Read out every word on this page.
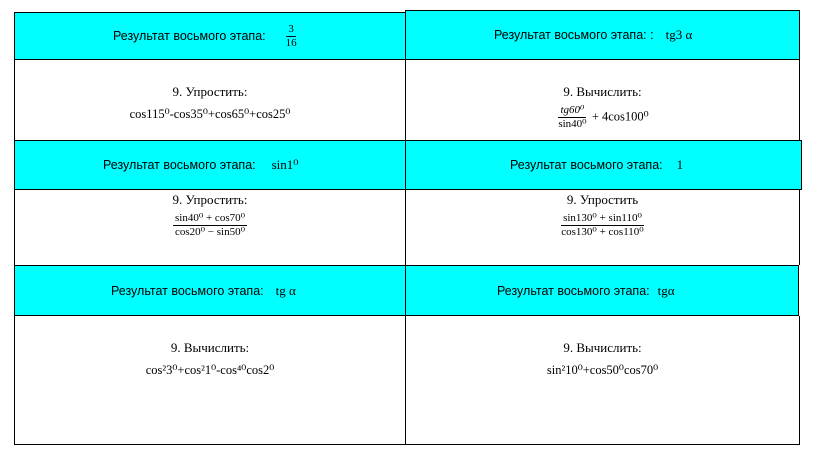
Результат восьмого этапа: $\frac{3}{16}$	Результат восьмого этапа: : tg3 α
9. Упростить:
cos115⁰-cos35⁰+cos65⁰+cos25⁰
9. Вычислить:
$\frac{\text{tg60⁰}}{\text{sin40⁰}} + 4\cos 100^0$
Результат восьмого этапа: sin1⁰	Результат восьмого этапа: 1
9. Упростить:
$\frac{\text{sin40⁰ + cos70⁰}}{\text{cos20⁰ − sin50⁰}}$
9. Упростить
$\frac{\text{sin130⁰ + sin110⁰}}{\text{cos130⁰ + cos110⁰}}$
Результат восьмого этапа: tg α	Результат восьмого этапа: tgα
9. Вычислить:
cos²3⁰+cos²1⁰-cos⁴⁰cos2⁰
9. Вычислить:
sin²10⁰+cos50⁰cos70⁰
